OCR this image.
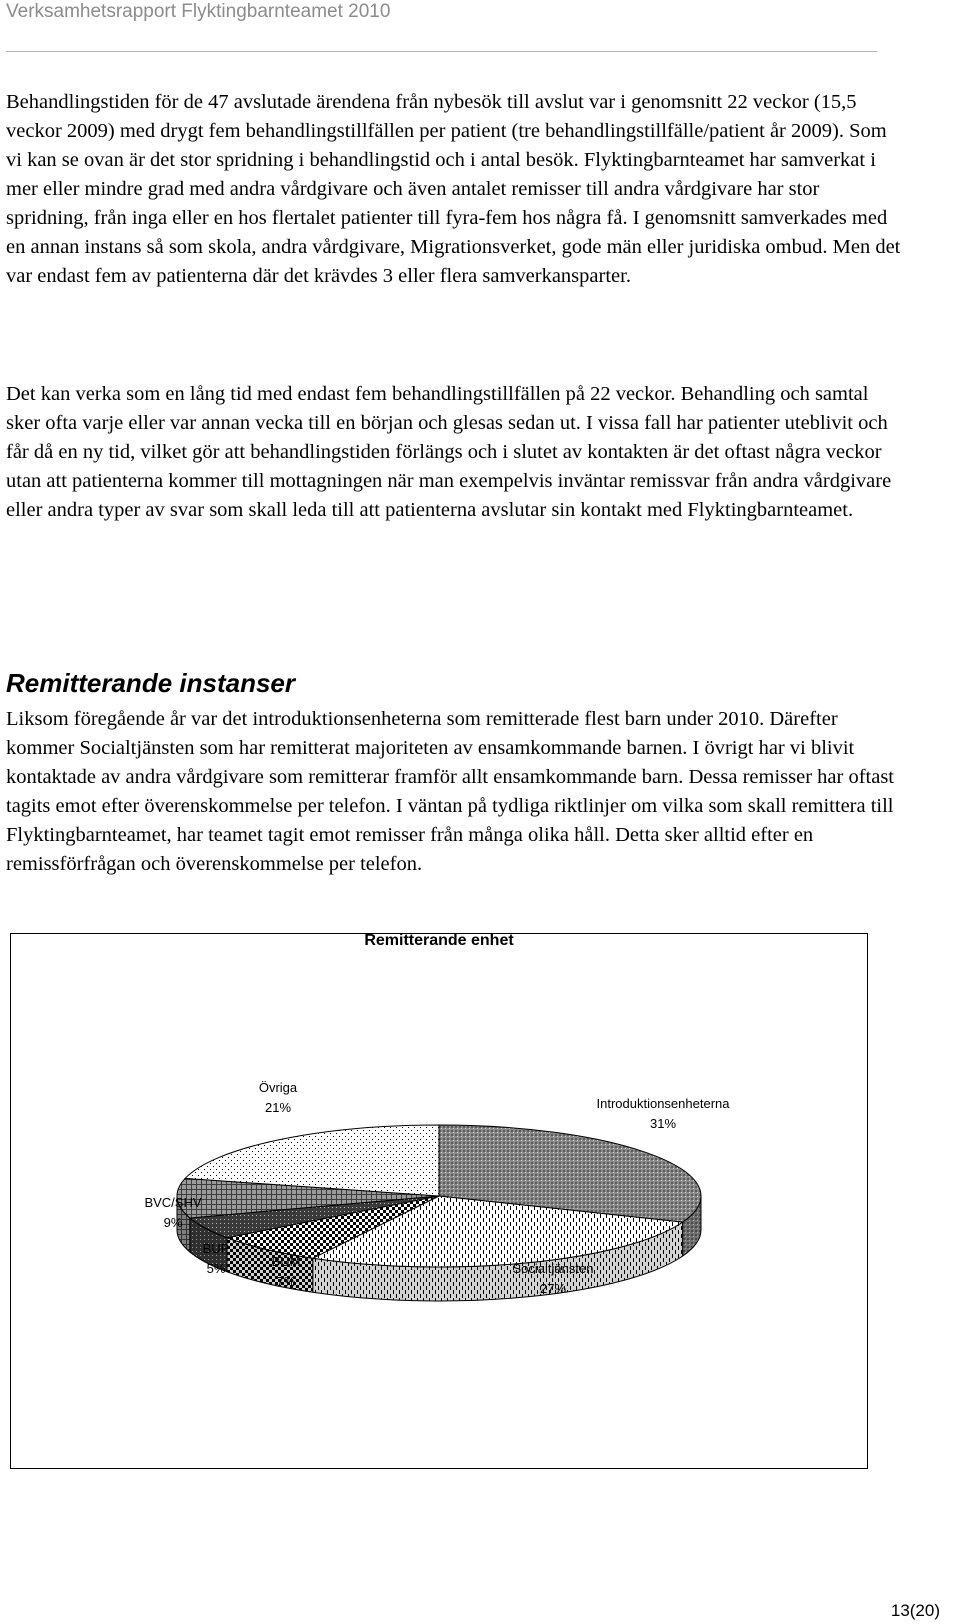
Verksamhetsrapport Flyktingbarnteamet 2010

Behandlingstiden för de 47 avslutade ärendena från nybesök till avslut var i genomsnitt 22 veckor (15,5 veckor 2009) med drygt fem behandlingstillfällen per patient (tre behandlingstillfälle/patient år 2009). Som vi kan se ovan är det stor spridning i behandlingstid och i antal besök. Flyktingbarnteamet har samverkat i mer eller mindre grad med andra vårdgivare och även antalet remisser till andra vårdgivare har stor spridning, från inga eller en hos flertalet patienter till fyra-fem hos några få. I genomsnitt samverkades med en annan instans så som skola, andra vårdgivare, Migrationsverket, gode män eller juridiska ombud. Men det var endast fem av patienterna där det krävdes 3 eller flera samverkansparter.

Det kan verka som en lång tid med endast fem behandlingstillfällen på 22 veckor. Behandling och samtal sker ofta varje eller var annan vecka till en början och glesas sedan ut. I vissa fall har patienter uteblivit och får då en ny tid, vilket gör att behandlingstiden förlängs och i slutet av kontakten är det oftast några veckor utan att patienterna kommer till mottagningen när man exempelvis inväntar remissvar från andra vårdgivare eller andra typer av svar som skall leda till att patienterna avslutar sin kontakt med Flyktingbarnteamet.

Remitterande instanser

Liksom föregående år var det introduktionsenheterna som remitterade flest barn under 2010. Därefter kommer Socialtjänsten som har remitterat majoriteten av ensamkommande barnen. I övrigt har vi blivit kontaktade av andra vårdgivare som remitterar framför allt ensamkommande barn. Dessa remisser har oftast tagits emot efter överenskommelse per telefon. I väntan på tydliga riktlinjer om vilka som skall remittera till Flyktingbarnteamet, har teamet tagit emot remisser från många olika håll. Detta sker alltid efter en remissförfrågan och överenskommelse per telefon.

Remitterande enhet
Introduktionsenheterna
31%
Socialtjänsten
27%
BUM
7%
BUP
5%
BVC/SHV
9%
Övriga
21%
13(20)
